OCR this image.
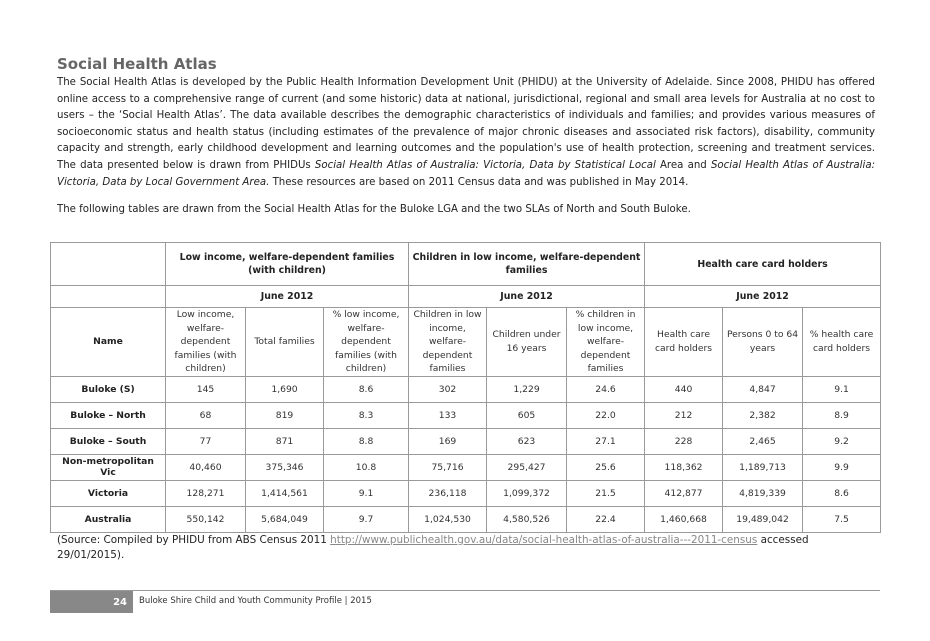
Social Health Atlas

The Social Health Atlas is developed by the Public Health Information Development Unit (PHIDU) at the University of Adelaide. Since 2008, PHIDU has offered online access to a comprehensive range of current (and some historic) data at national, jurisdictional, regional and small area levels for Australia at no cost to users – the ‘Social Health Atlas’. The data available describes the demographic characteristics of individuals and families; and provides various measures of socioeconomic status and health status (including estimates of the prevalence of major chronic diseases and associated risk factors), disability, community capacity and strength, early childhood development and learning outcomes and the population's use of health protection, screening and treatment services. The data presented below is drawn from PHIDUs Social Health Atlas of Australia: Victoria, Data by Statistical Local Area and Social Health Atlas of Australia: Victoria, Data by Local Government Area. These resources are based on 2011 Census data and was published in May 2014.

The following tables are drawn from the Social Health Atlas for the Buloke LGA and the two SLAs of North and South Buloke.

	Low income, welfare-dependent families (with children)			Children in low income, welfare-dependent families			Health care card holders		
	June 2012			June 2012			June 2012		
Name	Low income, welfare-dependent families (with children)	Total families	% low income, welfare-dependent families (with children)	Children in low income, welfare-dependent families	Children under 16 years	% children in low income, welfare-dependent families	Health care card holders	Persons 0 to 64 years	% health care card holders
Buloke (S)	145	1,690	8.6	302	1,229	24.6	440	4,847	9.1
Buloke – North	68	819	8.3	133	605	22.0	212	2,382	8.9
Buloke – South	77	871	8.8	169	623	27.1	228	2,465	9.2
Non-metropolitan Vic	40,460	375,346	10.8	75,716	295,427	25.6	118,362	1,189,713	9.9
Victoria	128,271	1,414,561	9.1	236,118	1,099,372	21.5	412,877	4,819,339	8.6
Australia	550,142	5,684,049	9.7	1,024,530	4,580,526	22.4	1,460,668	19,489,042	7.5

(Source: Compiled by PHIDU from ABS Census 2011 http://www.publichealth.gov.au/data/social-health-atlas-of-australia---2011-census accessed 29/01/2015).

24	Buloke Shire Child and Youth Community Profile | 2015
